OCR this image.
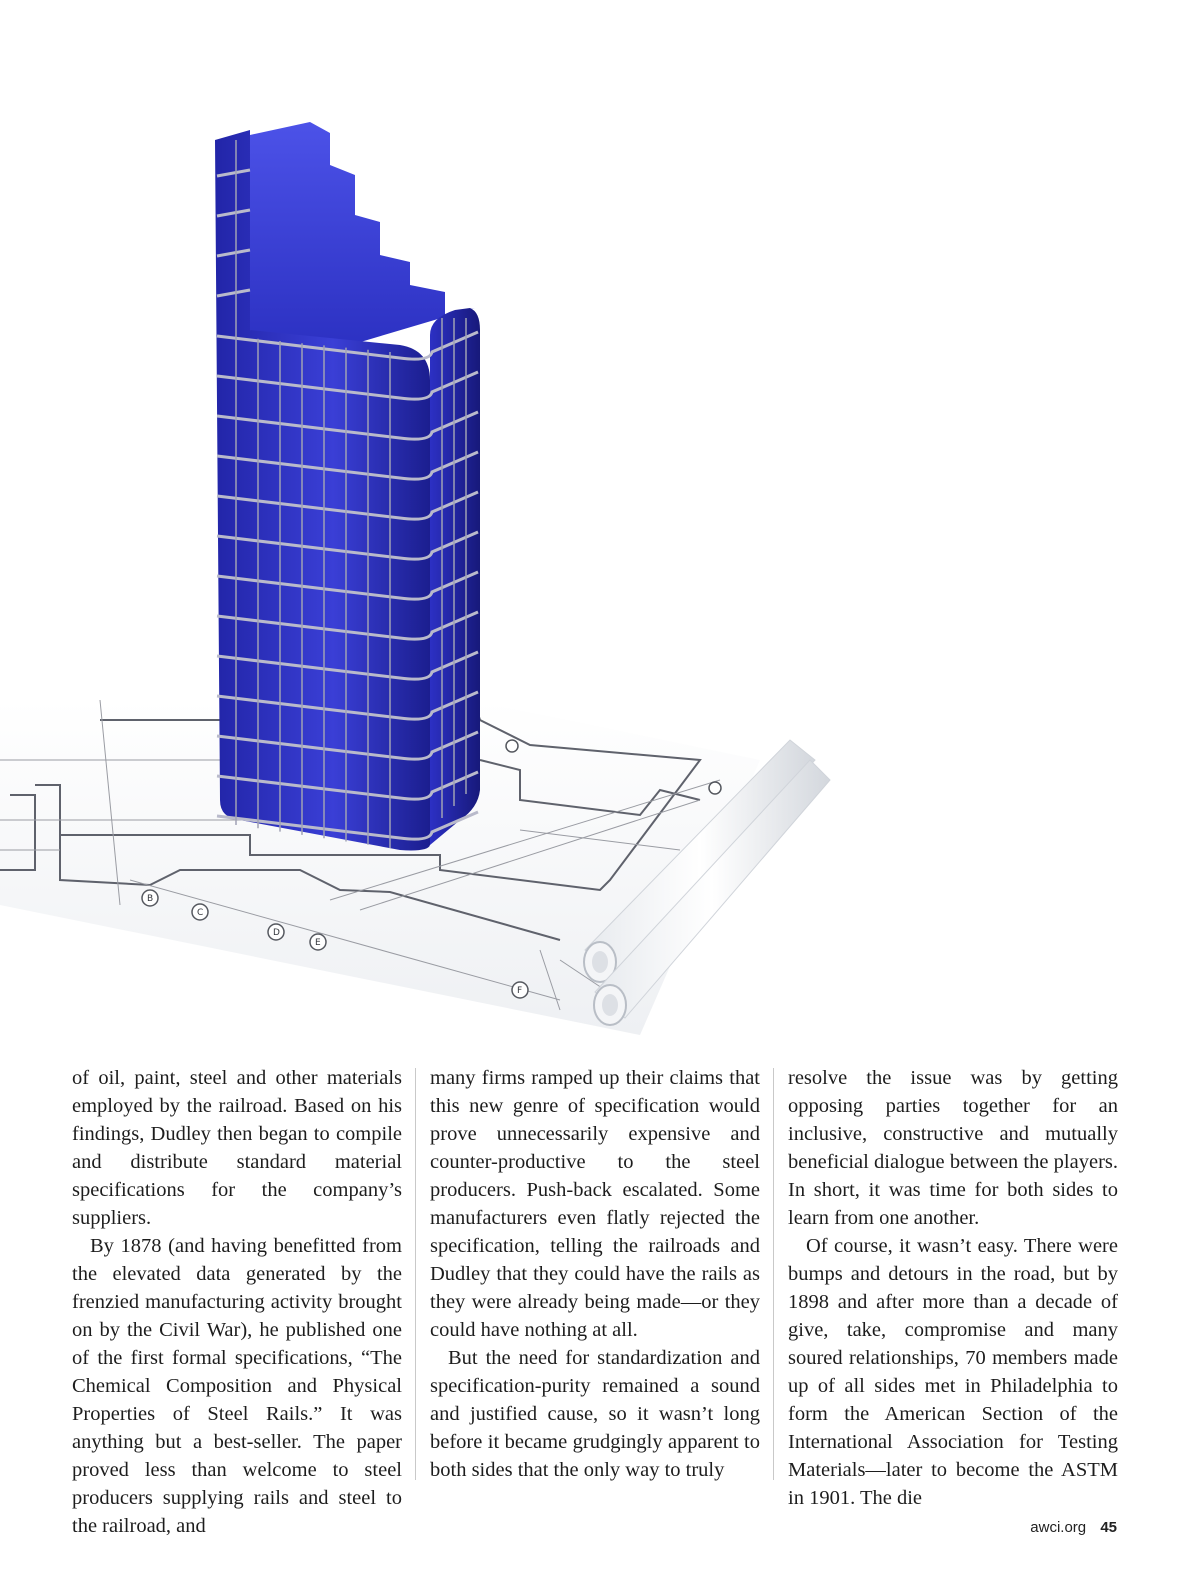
B
C
D
E
F

of oil, paint, steel and other materials employed by the railroad. Based on his findings, Dudley then began to compile and distribute standard material specifications for the company’s suppliers.

By 1878 (and having benefitted from the elevated data generated by the frenzied manufacturing activity brought on by the Civil War), he published one of the first formal specifications, “The Chemical Composition and Physical Properties of Steel Rails.” It was anything but a best-seller. The paper proved less than welcome to steel producers supplying rails and steel to the railroad, and

many firms ramped up their claims that this new genre of specification would prove unnecessarily expensive and counter-productive to the steel producers. Push-back escalated. Some manufacturers even flatly rejected the specification, telling the railroads and Dudley that they could have the rails as they were already being made—or they could have nothing at all.

But the need for standardization and specification-purity remained a sound and justified cause, so it wasn’t long before it became grudgingly apparent to both sides that the only way to truly

resolve the issue was by getting opposing parties together for an inclusive, constructive and mutually beneficial dialogue between the players. In short, it was time for both sides to learn from one another.

Of course, it wasn’t easy. There were bumps and detours in the road, but by 1898 and after more than a decade of give, take, compromise and many soured relationships, 70 members made up of all sides met in Philadelphia to form the American Section of the International Association for Testing Materials—later to become the ASTM in 1901. The die

awci.org 45
